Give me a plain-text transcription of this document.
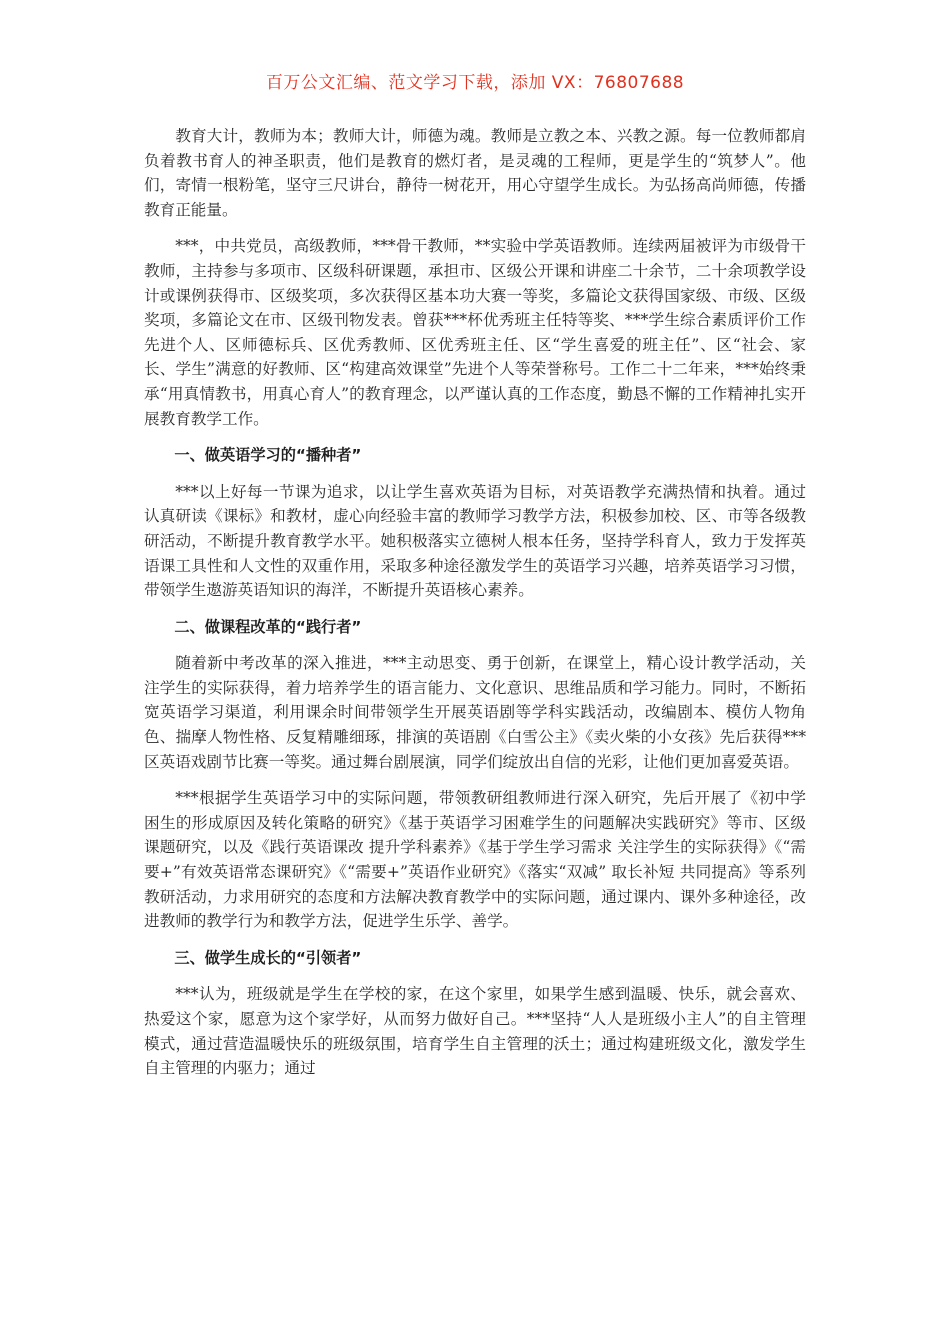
百万公文汇编、范文学习下载，添加 VX：76807688

教育大计，教师为本；教师大计，师德为魂。教师是立教之本、兴教之源。每一位教师都肩负着教书育人的神圣职责，他们是教育的燃灯者，是灵魂的工程师，更是学生的“筑梦人”。他们，寄情一根粉笔，坚守三尺讲台，静待一树花开，用心守望学生成长。为弘扬高尚师德，传播教育正能量。

***，中共党员，高级教师，***骨干教师，**实验中学英语教师。连续两届被评为市级骨干教师，主持参与多项市、区级科研课题，承担市、区级公开课和讲座二十余节，二十余项教学设计或课例获得市、区级奖项，多次获得区基本功大赛一等奖，多篇论文获得国家级、市级、区级奖项，多篇论文在市、区级刊物发表。曾获***杯优秀班主任特等奖、***学生综合素质评价工作先进个人、区师德标兵、区优秀教师、区优秀班主任、区“学生喜爱的班主任”、区“社会、家长、学生”满意的好教师、区“构建高效课堂”先进个人等荣誉称号。工作二十二年来，***始终秉承“用真情教书，用真心育人”的教育理念，以严谨认真的工作态度，勤恳不懈的工作精神扎实开展教育教学工作。

一、做英语学习的“播种者”

***以上好每一节课为追求，以让学生喜欢英语为目标，对英语教学充满热情和执着。通过认真研读《课标》和教材，虚心向经验丰富的教师学习教学方法，积极参加校、区、市等各级教研活动，不断提升教育教学水平。她积极落实立德树人根本任务，坚持学科育人，致力于发挥英语课工具性和人文性的双重作用，采取多种途径激发学生的英语学习兴趣，培养英语学习习惯，带领学生遨游英语知识的海洋，不断提升英语核心素养。

二、做课程改革的“践行者”

随着新中考改革的深入推进，***主动思变、勇于创新，在课堂上，精心设计教学活动，关注学生的实际获得，着力培养学生的语言能力、文化意识、思维品质和学习能力。同时，不断拓宽英语学习渠道，利用课余时间带领学生开展英语剧等学科实践活动，改编剧本、模仿人物角色、揣摩人物性格、反复精雕细琢，排演的英语剧《白雪公主》《卖火柴的小女孩》先后获得***区英语戏剧节比赛一等奖。通过舞台剧展演，同学们绽放出自信的光彩，让他们更加喜爱英语。

***根据学生英语学习中的实际问题，带领教研组教师进行深入研究，先后开展了《初中学困生的形成原因及转化策略的研究》《基于英语学习困难学生的问题解决实践研究》等市、区级课题研究，以及《践行英语课改 提升学科素养》《基于学生学习需求 关注学生的实际获得》《“需要+”有效英语常态课研究》《“需要+”英语作业研究》《落实“双减” 取长补短 共同提高》等系列教研活动，力求用研究的态度和方法解决教育教学中的实际问题，通过课内、课外多种途径，改进教师的教学行为和教学方法，促进学生乐学、善学。

三、做学生成长的“引领者”

***认为，班级就是学生在学校的家，在这个家里，如果学生感到温暖、快乐，就会喜欢、热爱这个家，愿意为这个家学好，从而努力做好自己。***坚持“人人是班级小主人”的自主管理模式，通过营造温暖快乐的班级氛围，培育学生自主管理的沃土；通过构建班级文化，激发学生自主管理的内驱力；通过
